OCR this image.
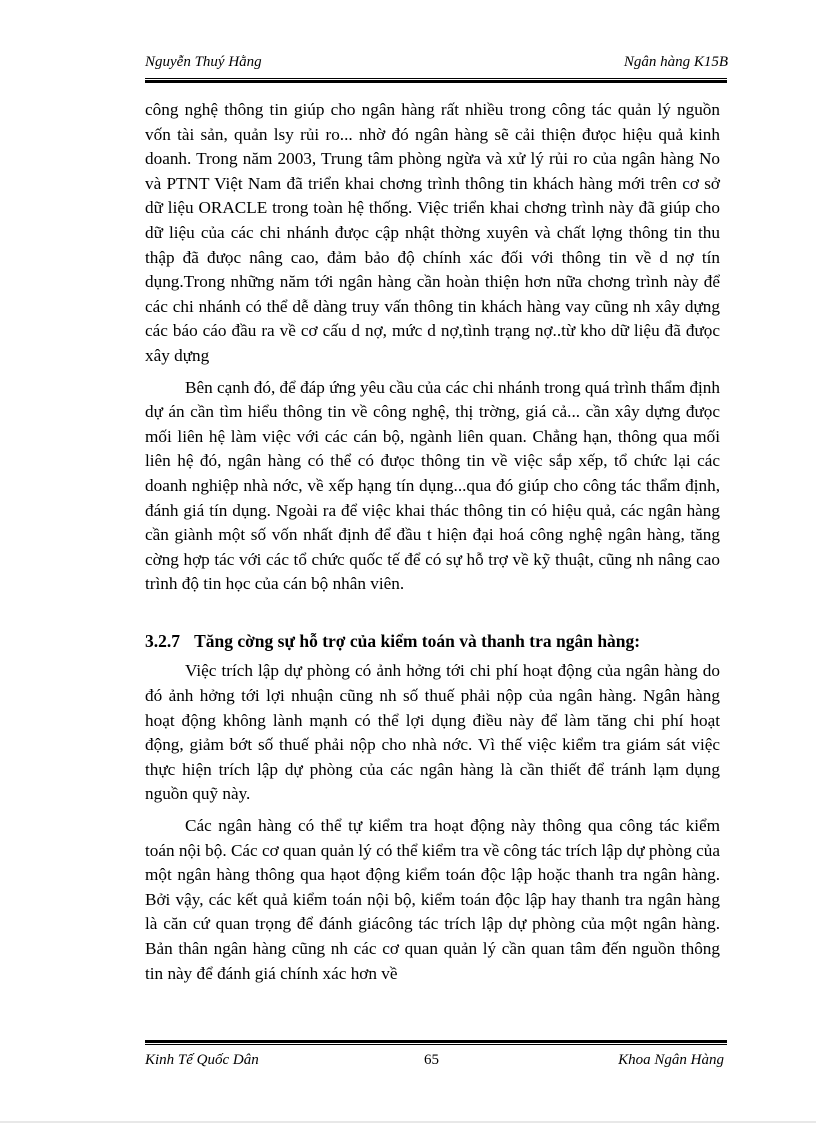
Nguyễn Thuý Hằng	Ngân hàng K15B

công nghệ thông tin giúp cho ngân hàng rất nhiều trong công tác quản lý nguồn vốn tài sản, quản lsy rủi ro... nhờ đó ngân hàng sẽ cải thiện đưọc hiệu quả kinh doanh. Trong năm 2003, Trung tâm phòng ngừa và xử lý rủi ro của ngân hàng No và PTNT Việt Nam đã triển khai chơng trình thông tin khách hàng mới trên cơ sở dữ liệu ORACLE trong toàn hệ thống. Việc triển khai chơng trình này đã giúp cho dữ liệu của các chi nhánh đưọc cập nhật thờng xuyên và chất lợng thông tin thu thập đã đưọc nâng cao, đảm bảo độ chính xác đối với thông tin về d nợ tín dụng.Trong những năm tới ngân hàng cần hoàn thiện hơn nữa chơng trình này để các chi nhánh có thể dễ dàng truy vấn thông tin khách hàng vay cũng nh xây dựng các báo cáo đầu ra về cơ cấu d nợ, mức d nợ,tình trạng nợ..từ kho dữ liệu đã đưọc xây dựng

Bên cạnh đó, để đáp ứng yêu cầu của các chi nhánh trong quá trình thẩm định dự án cần tìm hiểu thông tin về công nghệ, thị trờng, giá cả... cần xây dựng đưọc mối liên hệ làm việc với các cán bộ, ngành liên quan. Chẳng hạn, thông qua mối liên hệ đó, ngân hàng có thể có đưọc thông tin về việc sắp xếp, tổ chức lại các doanh nghiệp nhà nớc, về xếp hạng tín dụng...qua đó giúp cho công tác thẩm định, đánh giá tín dụng. Ngoài ra để việc khai thác thông tin có hiệu quả, các ngân hàng cần giành một số vốn nhất định để đầu t hiện đại hoá công nghệ ngân hàng, tăng cờng hợp tác với các tổ chức quốc tế để có sự hỗ trợ về kỹ thuật, cũng nh nâng cao trình độ tin học của cán bộ nhân viên.

3.2.7 Tăng cờng sự hỗ trợ của kiểm toán và thanh tra ngân hàng:

Việc trích lập dự phòng có ảnh hởng tới chi phí hoạt động của ngân hàng do đó ảnh hởng tới lợi nhuận cũng nh số thuế phải nộp của ngân hàng. Ngân hàng hoạt động không lành mạnh có thể lợi dụng điều này để làm tăng chi phí hoạt động, giảm bớt số thuế phải nộp cho nhà nớc. Vì thế việc kiểm tra giám sát việc thực hiện trích lập dự phòng của các ngân hàng là cần thiết để tránh lạm dụng nguồn quỹ này.

Các ngân hàng có thể tự kiểm tra hoạt động này thông qua công tác kiểm toán nội bộ. Các cơ quan quản lý có thể kiểm tra về công tác trích lập dự phòng của một ngân hàng thông qua hạot động kiểm toán độc lập hoặc thanh tra ngân hàng. Bởi vậy, các kết quả kiểm toán nội bộ, kiểm toán độc lập hay thanh tra ngân hàng là căn cứ quan trọng để đánh giácông tác trích lập dự phòng của một ngân hàng. Bản thân ngân hàng cũng nh các cơ quan quản lý cần quan tâm đến nguồn thông tin này để đánh giá chính xác hơn về

Kinh Tế Quốc Dân	65	Khoa Ngân Hàng
